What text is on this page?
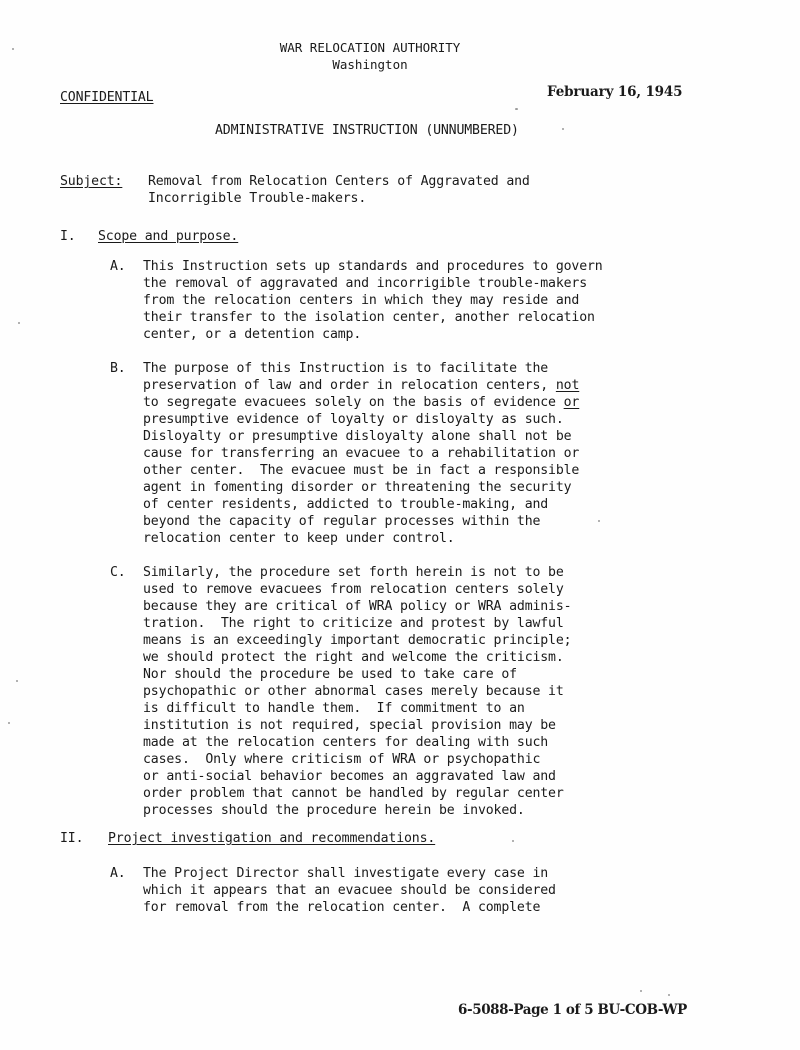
WAR RELOCATION AUTHORITY
Washington
CONFIDENTIAL	February 16, 1945
ADMINISTRATIVE INSTRUCTION (UNNUMBERED)
Subject: Removal from Relocation Centers of Aggravated and
Incorrigible Trouble-makers.
I. Scope and purpose.
A. This Instruction sets up standards and procedures to govern
the removal of aggravated and incorrigible trouble-makers
from the relocation centers in which they may reside and
their transfer to the isolation center, another relocation
center, or a detention camp.
B. The purpose of this Instruction is to facilitate the
preservation of law and order in relocation centers, not
to segregate evacuees solely on the basis of evidence or
presumptive evidence of loyalty or disloyalty as such.
Disloyalty or presumptive disloyalty alone shall not be
cause for transferring an evacuee to a rehabilitation or
other center.  The evacuee must be in fact a responsible
agent in fomenting disorder or threatening the security
of center residents, addicted to trouble-making, and
beyond the capacity of regular processes within the
relocation center to keep under control.
C. Similarly, the procedure set forth herein is not to be
used to remove evacuees from relocation centers solely
because they are critical of WRA policy or WRA adminis-
tration.  The right to criticize and protest by lawful
means is an exceedingly important democratic principle;
we should protect the right and welcome the criticism.
Nor should the procedure be used to take care of
psychopathic or other abnormal cases merely because it
is difficult to handle them.  If commitment to an
institution is not required, special provision may be
made at the relocation centers for dealing with such
cases.  Only where criticism of WRA or psychopathic
or anti-social behavior becomes an aggravated law and
order problem that cannot be handled by regular center
processes should the procedure herein be invoked.
II. Project investigation and recommendations.
A. The Project Director shall investigate every case in
which it appears that an evacuee should be considered
for removal from the relocation center.  A complete
6-5088-Page 1 of 5 BU-COB-WP
